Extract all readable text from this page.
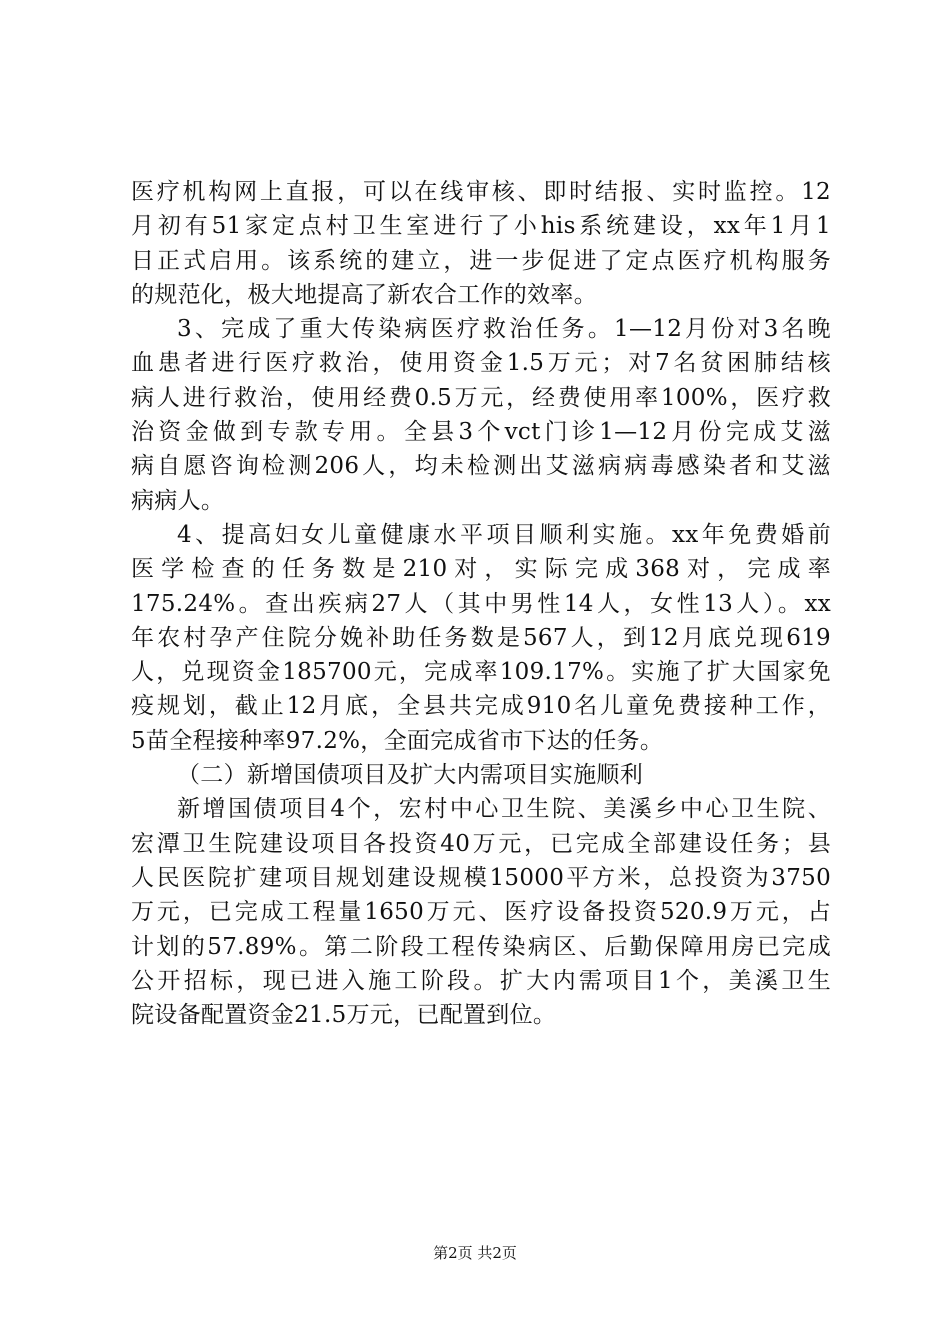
医疗机构网上直报，可以在线审核、即时结报、实时监控。12
月初有51家定点村卫生室进行了小his系统建设，xx年1月1
日正式启用。该系统的建立，进一步促进了定点医疗机构服务
的规范化，极大地提高了新农合工作的效率。
3、完成了重大传染病医疗救治任务。1—12月份对3名晚
血患者进行医疗救治，使用资金1.5万元；对7名贫困肺结核
病人进行救治，使用经费0.5万元，经费使用率100%，医疗救
治资金做到专款专用。全县3个vct门诊1—12月份完成艾滋
病自愿咨询检测206人，均未检测出艾滋病病毒感染者和艾滋
病病人。
4、提高妇女儿童健康水平项目顺利实施。xx年免费婚前
医学检查的任务数是210对，实际完成368对，完成率
175.24%。查出疾病27人（其中男性14人，女性13人）。xx
年农村孕产住院分娩补助任务数是567人，到12月底兑现619
人，兑现资金185700元，完成率109.17%。实施了扩大国家免
疫规划，截止12月底，全县共完成910名儿童免费接种工作，
5苗全程接种率97.2%，全面完成省市下达的任务。
（二）新增国债项目及扩大内需项目实施顺利
新增国债项目4个，宏村中心卫生院、美溪乡中心卫生院、
宏潭卫生院建设项目各投资40万元，已完成全部建设任务；县
人民医院扩建项目规划建设规模15000平方米，总投资为3750
万元，已完成工程量1650万元、医疗设备投资520.9万元，占
计划的57.89%。第二阶段工程传染病区、后勤保障用房已完成
公开招标，现已进入施工阶段。扩大内需项目1个，美溪卫生
院设备配置资金21.5万元，已配置到位。
第2页 共2页
